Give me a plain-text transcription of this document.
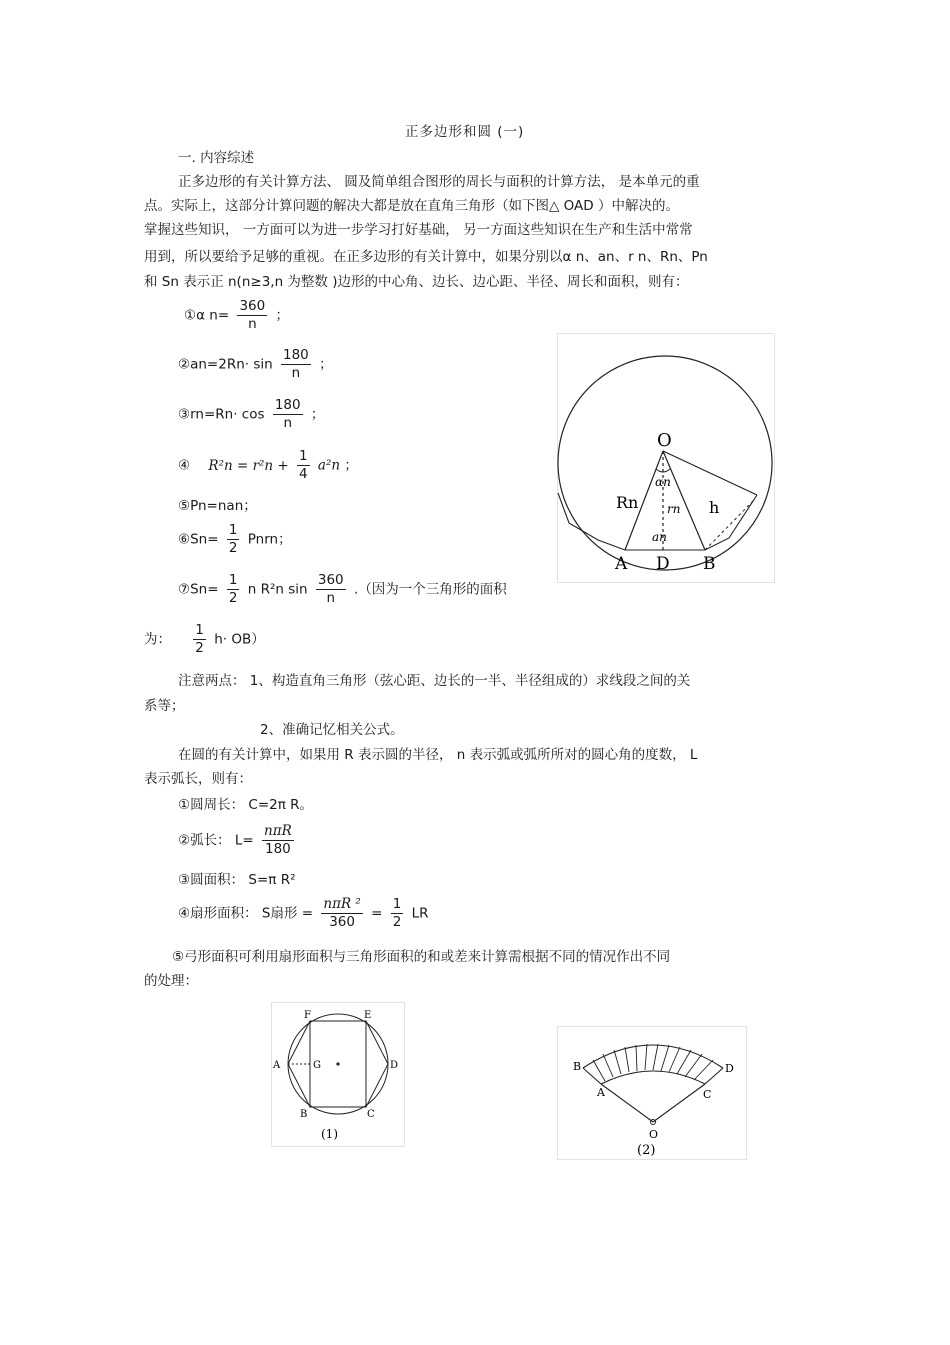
正多边形和圆 (一)
一. 内容综述
正多边形的有关计算方法、 圆及简单组合图形的周长与面积的计算方法， 是本单元的重
点。实际上，这部分计算问题的解决大都是放在直角三角形（如下图△ OAD ）中解决的。
掌握这些知识， 一方面可以为进一步学习打好基础， 另一方面这些知识在生产和生活中常常
用到，所以要给予足够的重视。在正多边形的有关计算中，如果分别以α n、an、r n、Rn、Pn
和 Sn 表示正 n(n≥3,n 为整数 )边形的中心角、边长、边心距、半径、周长和面积，则有：
①α $n= \frac{360}{n}$ ；
②an=2Rn· $\sin \frac{180}{n}$ ；
③rn=Rn· $\cos \frac{180}{n}$ ；
④ $R^2n = r^2n + \frac{1}{4} a^2n$ ；
⑤Pn=nan；
⑥Sn= $\frac{1}{2}$ Pnrn；
⑦Sn= $\frac{1}{2}$ n R²n $\sin \frac{360}{n}$ .（因为一个三角形的面积
为： $\frac{1}{2} h\cdot OB$）
注意两点： 1、构造直角三角形（弦心距、边长的一半、半径组成的）求线段之间的关
系等；
2、准确记忆相关公式。
在圆的有关计算中，如果用 R 表示圆的半径， n 表示弧或弧所所对的圆心角的度数， L
表示弧长，则有：
①圆周长： C=2π R。
②弧长： $L= \frac{\text{nπR}}{180}$
③圆面积： S=π R²
④扇形面积： S扇形 = $\frac{\text{nπR ²}}{360} = \frac{1}{2}$ LR
⑤弓形面积可利用扇形面积与三角形面积的和或差来计算需根据不同的情况作出不同
的处理：
O
Rn	h
αn
rn
an
A D B
A
F	E
D
G
B	C
(1)
B
A
D
C
O
(2)
